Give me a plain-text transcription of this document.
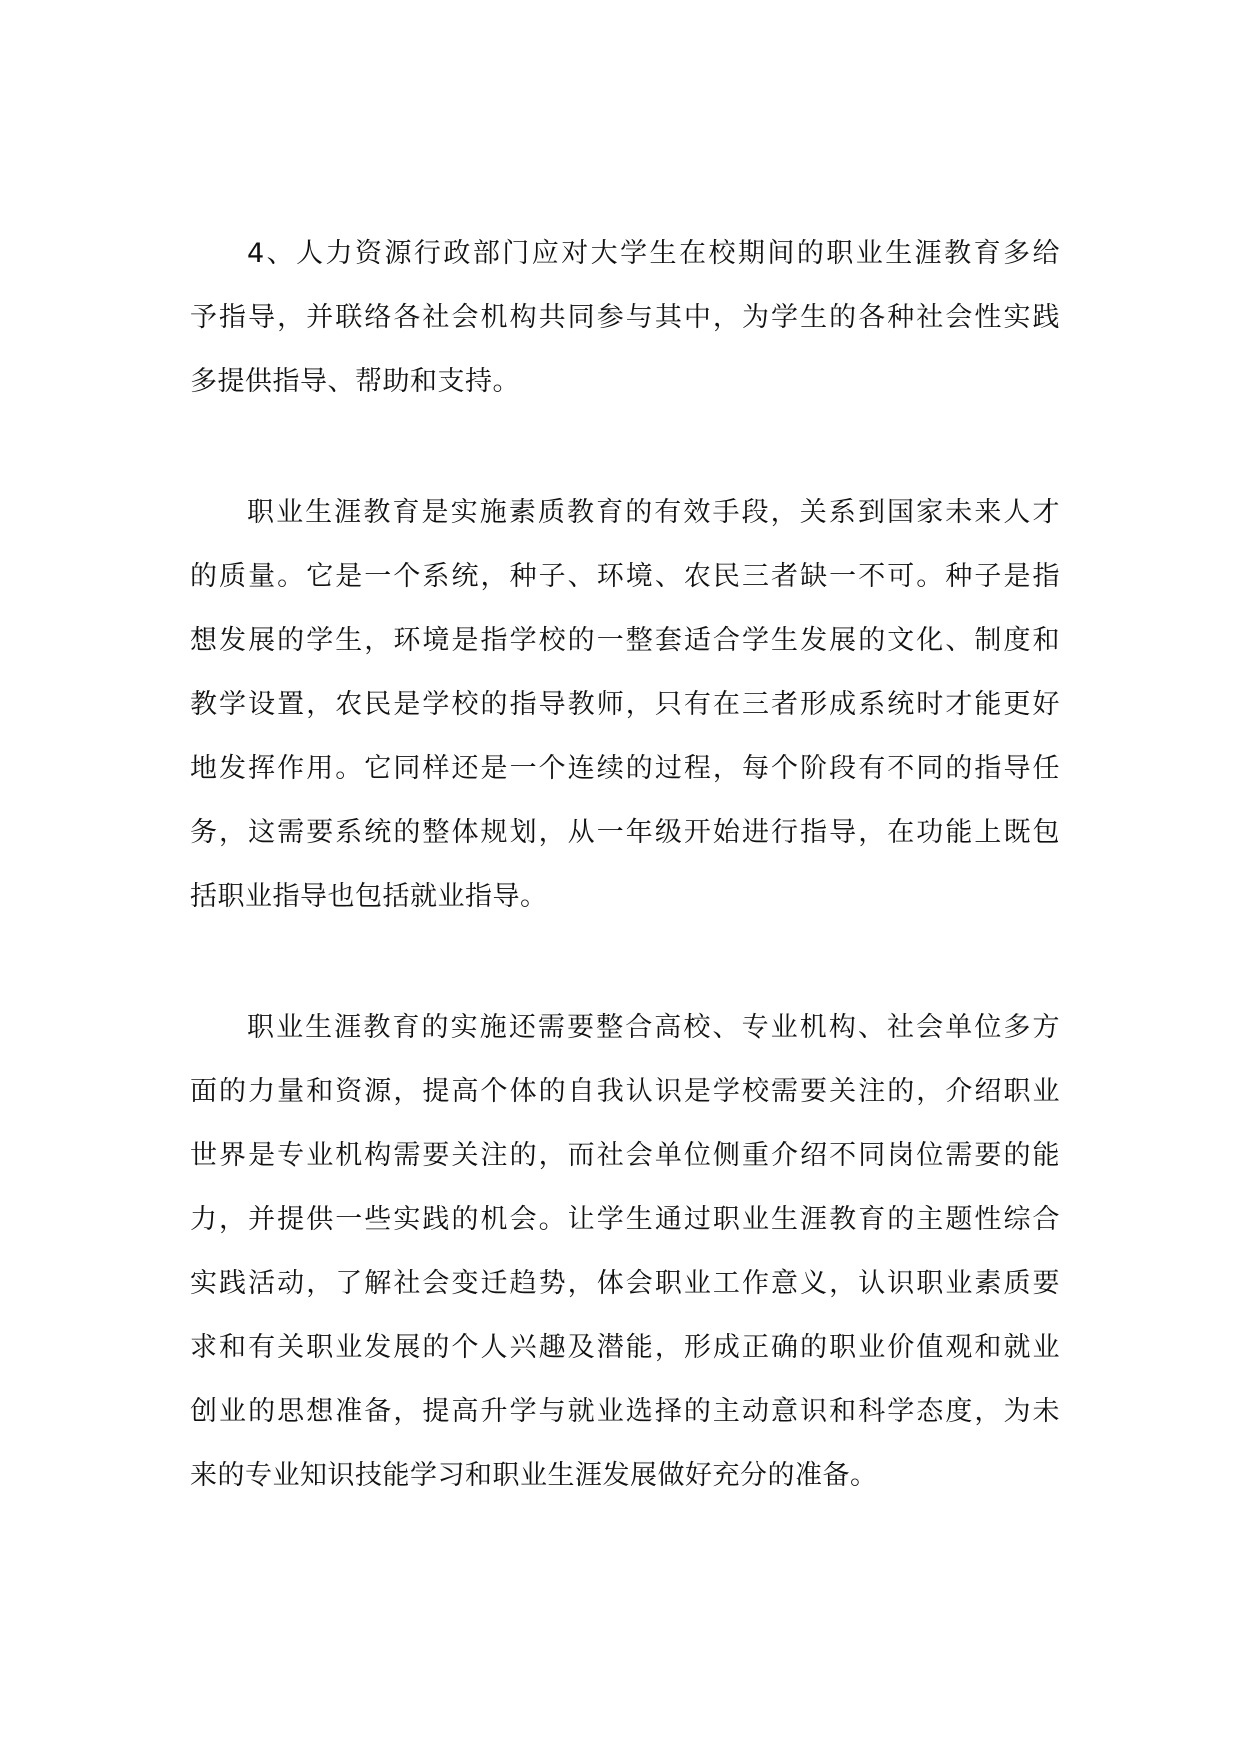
4、人力资源行政部门应对大学生在校期间的职业生涯教育多给
予指导，并联络各社会机构共同参与其中，为学生的各种社会性实践
多提供指导、帮助和支持。

职业生涯教育是实施素质教育的有效手段，关系到国家未来人才
的质量。它是一个系统，种子、环境、农民三者缺一不可。种子是指
想发展的学生，环境是指学校的一整套适合学生发展的文化、制度和
教学设置，农民是学校的指导教师，只有在三者形成系统时才能更好
地发挥作用。它同样还是一个连续的过程，每个阶段有不同的指导任
务，这需要系统的整体规划，从一年级开始进行指导，在功能上既包
括职业指导也包括就业指导。

职业生涯教育的实施还需要整合高校、专业机构、社会单位多方
面的力量和资源，提高个体的自我认识是学校需要关注的，介绍职业
世界是专业机构需要关注的，而社会单位侧重介绍不同岗位需要的能
力，并提供一些实践的机会。让学生通过职业生涯教育的主题性综合
实践活动，了解社会变迁趋势，体会职业工作意义，认识职业素质要
求和有关职业发展的个人兴趣及潜能，形成正确的职业价值观和就业
创业的思想准备，提高升学与就业选择的主动意识和科学态度，为未
来的专业知识技能学习和职业生涯发展做好充分的准备。
